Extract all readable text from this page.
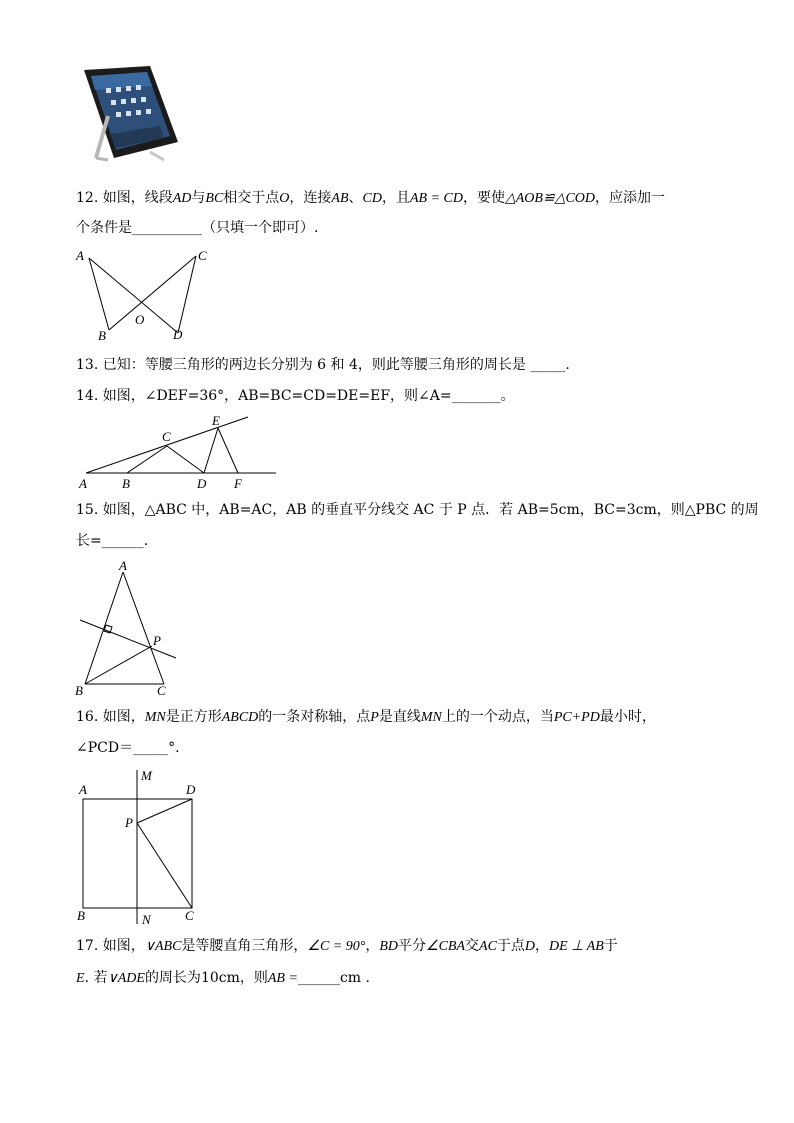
12. 如图，线段AD与BC相交于点O，连接AB、CD，且AB = CD，要使△AOB≌△COD，应添加一
个条件是__________（只填一个即可）.
A	C
B
O
D
13. 已知：等腰三角形的两边长分别为 6 和 4，则此等腰三角形的周长是 _____.
14. 如图，∠DEF=36°，AB=BC=CD=DE=EF，则∠A=_______。
A	B
C
D
E
F
15. 如图，△ABC 中，AB=AC，AB 的垂直平分线交 AC 于 P 点．若 AB=5cm，BC=3cm，则△PBC 的周
长=______.
A
P
B	C
16. 如图，MN是正方形ABCD的一条对称轴，点P是直线MN上的一个动点，当PC+PD最小时，
∠PCD＝_____°.
A
M
D
P
B	N	C
17. 如图，∨ABC是等腰直角三角形，∠C = 90°，BD平分∠CBA交AC于点D，DE ⊥ AB于
E. 若∨ADE的周长为10cm，则AB =______cm .
